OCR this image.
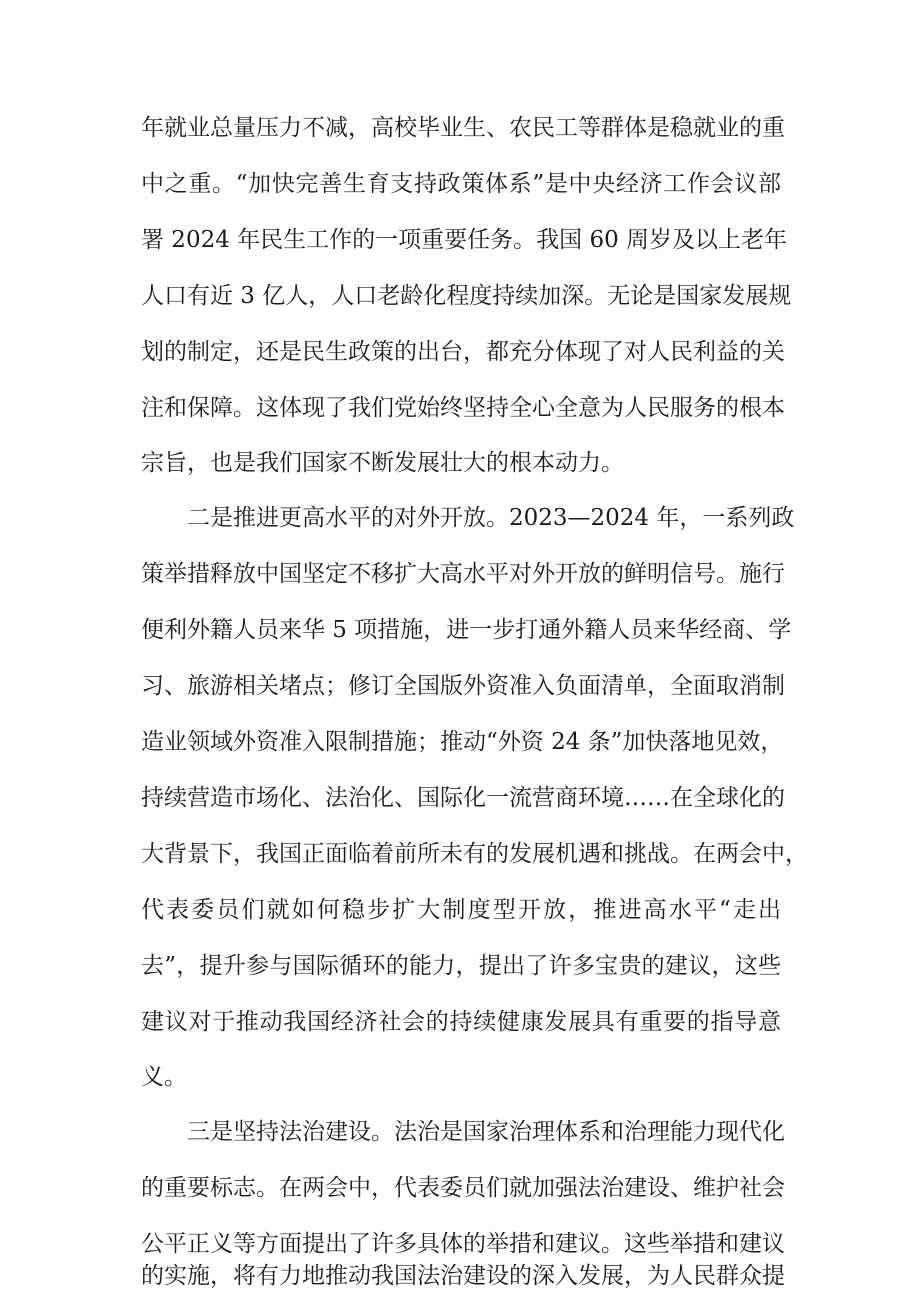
年就业总量压力不减，高校毕业生、农民工等群体是稳就业的重
中之重。“加快完善生育支持政策体系”是中央经济工作会议部
署 2024 年民生工作的一项重要任务。我国 60 周岁及以上老年
人口有近 3 亿人，人口老龄化程度持续加深。无论是国家发展规
划的制定，还是民生政策的出台，都充分体现了对人民利益的关
注和保障。这体现了我们党始终坚持全心全意为人民服务的根本
宗旨，也是我们国家不断发展壮大的根本动力。
二是推进更高水平的对外开放。2023—2024 年，一系列政
策举措释放中国坚定不移扩大高水平对外开放的鲜明信号。施行
便利外籍人员来华 5 项措施，进一步打通外籍人员来华经商、学
习、旅游相关堵点；修订全国版外资准入负面清单，全面取消制
造业领域外资准入限制措施；推动“外资 24 条”加快落地见效，
持续营造市场化、法治化、国际化一流营商环境……在全球化的
大背景下，我国正面临着前所未有的发展机遇和挑战。在两会中，
代表委员们就如何稳步扩大制度型开放，推进高水平“走出
去”，提升参与国际循环的能力，提出了许多宝贵的建议，这些
建议对于推动我国经济社会的持续健康发展具有重要的指导意
义。
三是坚持法治建设。法治是国家治理体系和治理能力现代化
的重要标志。在两会中，代表委员们就加强法治建设、维护社会
公平正义等方面提出了许多具体的举措和建议。这些举措和建议
的实施，将有力地推动我国法治建设的深入发展，为人民群众提
